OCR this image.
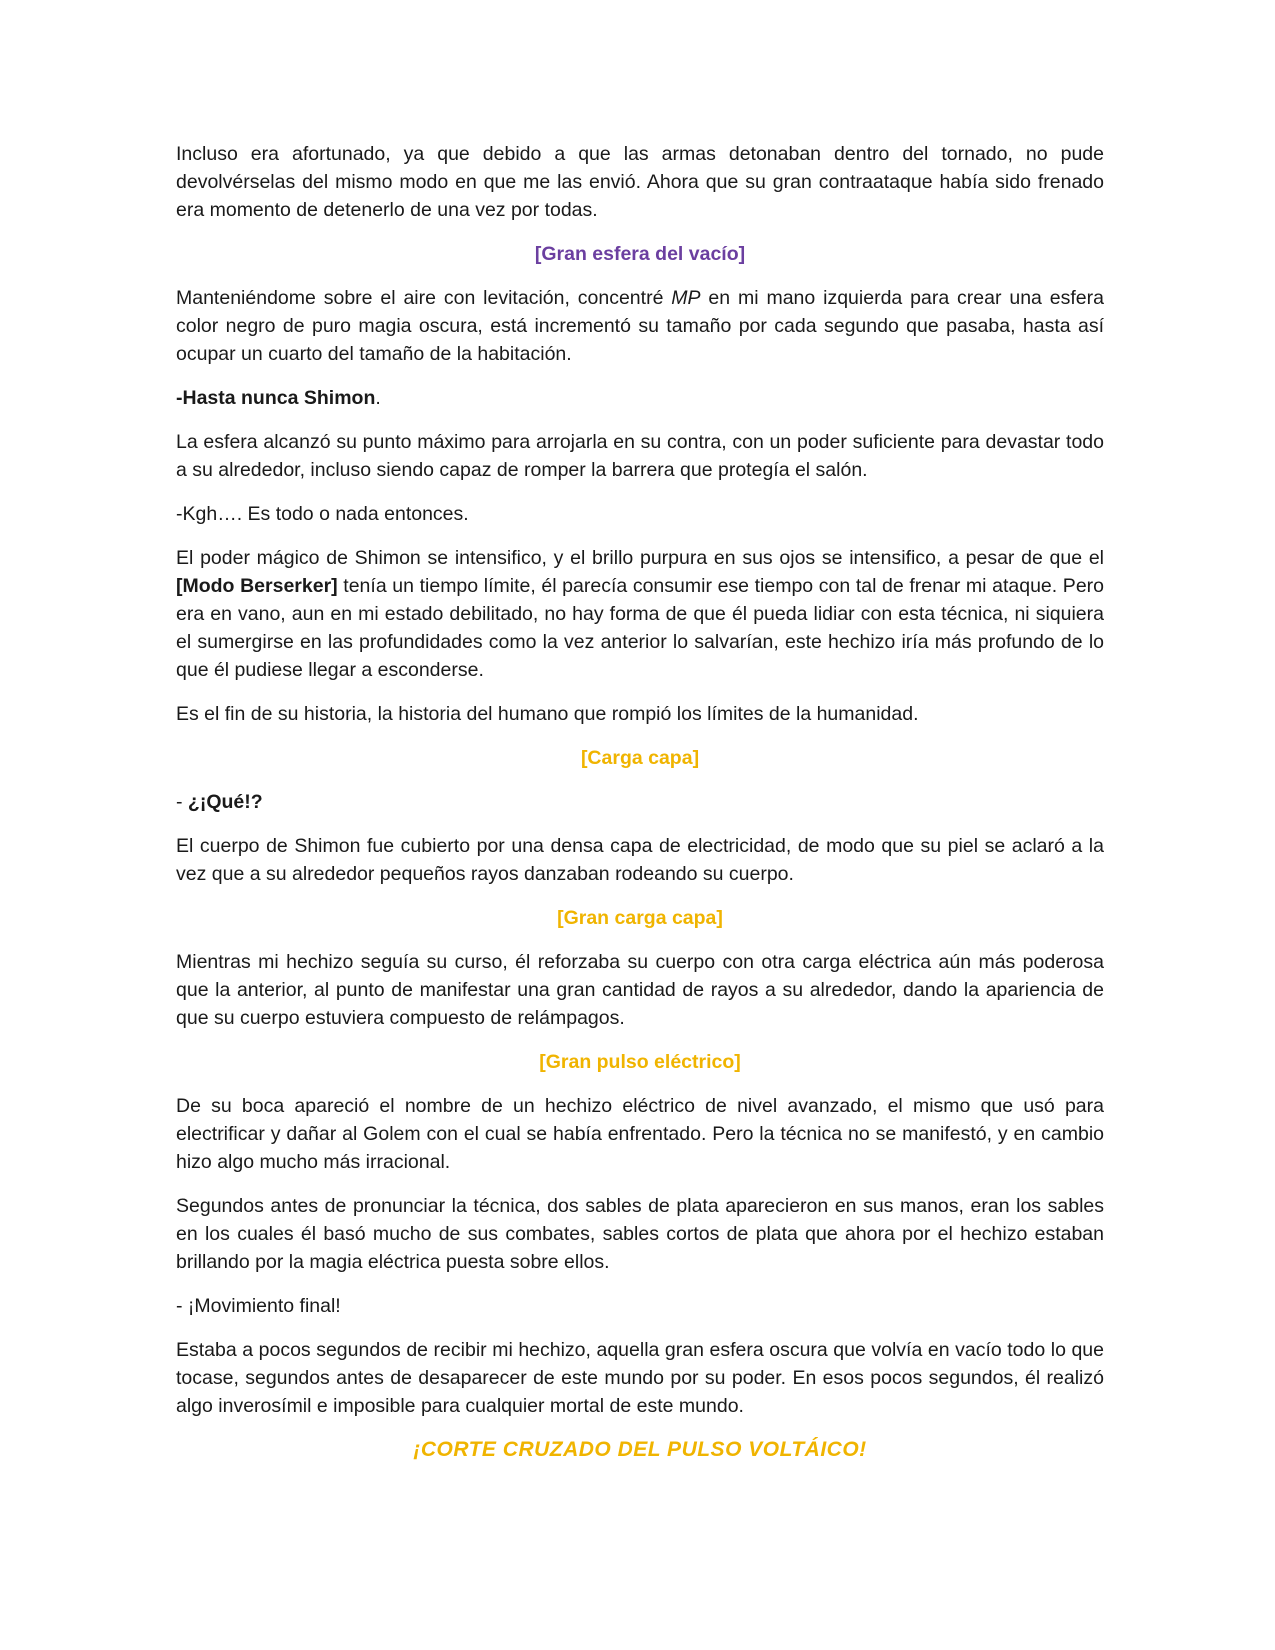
Incluso era afortunado, ya que debido a que las armas detonaban dentro del tornado, no pude devolvérselas del mismo modo en que me las envió. Ahora que su gran contraataque había sido frenado era momento de detenerlo de una vez por todas.

[Gran esfera del vacío]

Manteniéndome sobre el aire con levitación, concentré MP en mi mano izquierda para crear una esfera color negro de puro magia oscura, está incrementó su tamaño por cada segundo que pasaba, hasta así ocupar un cuarto del tamaño de la habitación.

-Hasta nunca Shimon.

La esfera alcanzó su punto máximo para arrojarla en su contra, con un poder suficiente para devastar todo a su alrededor, incluso siendo capaz de romper la barrera que protegía el salón.

-Kgh…. Es todo o nada entonces.

El poder mágico de Shimon se intensifico, y el brillo purpura en sus ojos se intensifico, a pesar de que el [Modo Berserker] tenía un tiempo límite, él parecía consumir ese tiempo con tal de frenar mi ataque. Pero era en vano, aun en mi estado debilitado, no hay forma de que él pueda lidiar con esta técnica, ni siquiera el sumergirse en las profundidades como la vez anterior lo salvarían, este hechizo iría más profundo de lo que él pudiese llegar a esconderse.

Es el fin de su historia, la historia del humano que rompió los límites de la humanidad.

[Carga capa]

- ¿¡Qué!?

El cuerpo de Shimon fue cubierto por una densa capa de electricidad, de modo que su piel se aclaró a la vez que a su alrededor pequeños rayos danzaban rodeando su cuerpo.

[Gran carga capa]

Mientras mi hechizo seguía su curso, él reforzaba su cuerpo con otra carga eléctrica aún más poderosa que la anterior, al punto de manifestar una gran cantidad de rayos a su alrededor, dando la apariencia de que su cuerpo estuviera compuesto de relámpagos.

[Gran pulso eléctrico]

De su boca apareció el nombre de un hechizo eléctrico de nivel avanzado, el mismo que usó para electrificar y dañar al Golem con el cual se había enfrentado. Pero la técnica no se manifestó, y en cambio hizo algo mucho más irracional.

Segundos antes de pronunciar la técnica, dos sables de plata aparecieron en sus manos, eran los sables en los cuales él basó mucho de sus combates, sables cortos de plata que ahora por el hechizo estaban brillando por la magia eléctrica puesta sobre ellos.

- ¡Movimiento final!

Estaba a pocos segundos de recibir mi hechizo, aquella gran esfera oscura que volvía en vacío todo lo que tocase, segundos antes de desaparecer de este mundo por su poder. En esos pocos segundos, él realizó algo inverosímil e imposible para cualquier mortal de este mundo.

¡CORTE CRUZADO DEL PULSO VOLTÁICO!
